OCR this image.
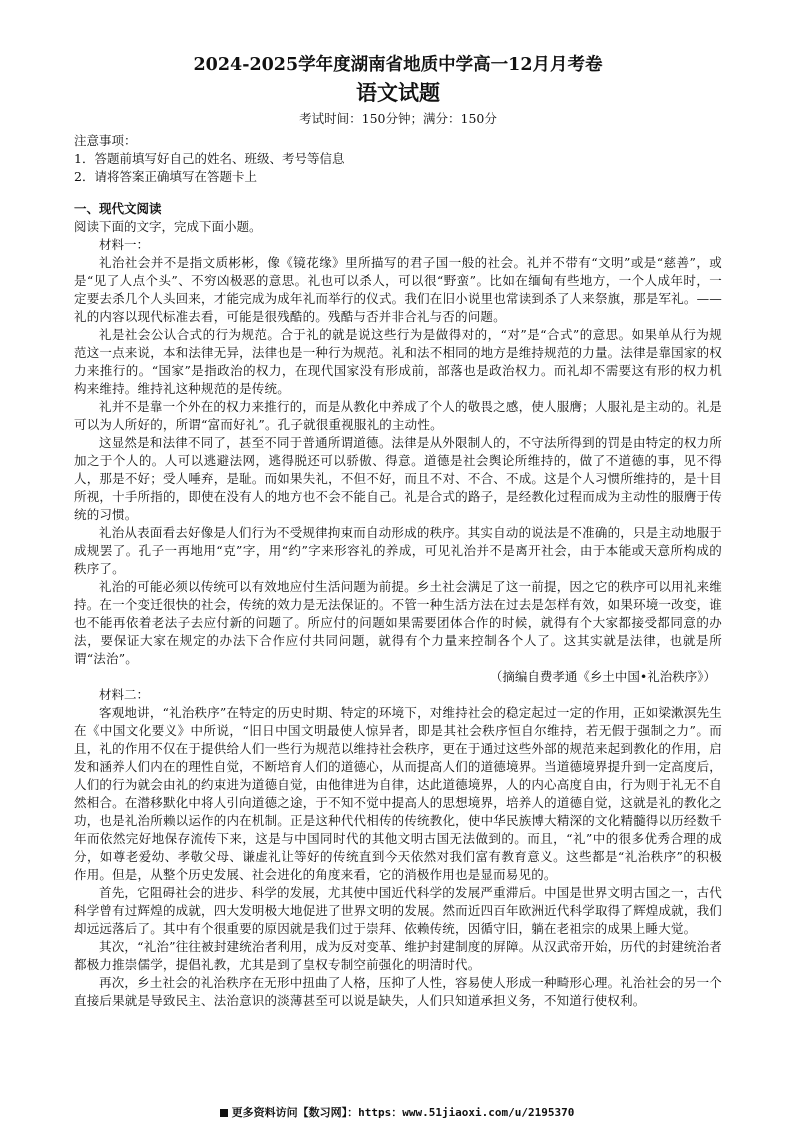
2024-2025学年度湖南省地质中学高一12月月考卷
语文试题
考试时间：150分钟；满分：150分
注意事项：
1．答题前填写好自己的姓名、班级、考号等信息
2．请将答案正确填写在答题卡上
一、现代文阅读
阅读下面的文字，完成下面小题。
材料一：

礼治社会并不是指文质彬彬，像《镜花缘》里所描写的君子国一般的社会。礼并不带有“文明”或是“慈善”，或是“见了人点个头”、不穷凶极恶的意思。礼也可以杀人，可以很“野蛮”。比如在缅甸有些地方，一个人成年时，一定要去杀几个人头回来，才能完成为成年礼而举行的仪式。我们在旧小说里也常读到杀了人来祭旗，那是军礼。——礼的内容以现代标准去看，可能是很残酷的。残酷与否并非合礼与否的问题。

礼是社会公认合式的行为规范。合于礼的就是说这些行为是做得对的，“对”是“合式”的意思。如果单从行为规范这一点来说，本和法律无异，法律也是一种行为规范。礼和法不相同的地方是维持规范的力量。法律是靠国家的权力来推行的。“国家”是指政治的权力，在现代国家没有形成前，部落也是政治权力。而礼却不需要这有形的权力机构来维持。维持礼这种规范的是传统。

礼并不是靠一个外在的权力来推行的，而是从教化中养成了个人的敬畏之感，使人服膺；人服礼是主动的。礼是可以为人所好的，所谓“富而好礼”。孔子就很重视服礼的主动性。

这显然是和法律不同了，甚至不同于普通所谓道德。法律是从外限制人的，不守法所得到的罚是由特定的权力所加之于个人的。人可以逃避法网，逃得脱还可以骄傲、得意。道德是社会舆论所维持的，做了不道德的事，见不得人，那是不好；受人唾弃，是耻。而如果失礼，不但不好，而且不对、不合、不成。这是个人习惯所维持的，是十目所视，十手所指的，即使在没有人的地方也不会不能自己。礼是合式的路子，是经教化过程而成为主动性的服膺于传统的习惯。

礼治从表面看去好像是人们行为不受规律拘束而自动形成的秩序。其实自动的说法是不准确的，只是主动地服于成规罢了。孔子一再地用“克”字，用“约”字来形容礼的养成，可见礼治并不是离开社会，由于本能或天意所构成的秩序了。

礼治的可能必须以传统可以有效地应付生活问题为前提。乡土社会满足了这一前提，因之它的秩序可以用礼来维持。在一个变迁很快的社会，传统的效力是无法保证的。不管一种生活方法在过去是怎样有效，如果环境一改变，谁也不能再依着老法子去应付新的问题了。所应付的问题如果需要团体合作的时候，就得有个大家都接受都同意的办法，要保证大家在规定的办法下合作应付共同问题，就得有个力量来控制各个人了。这其实就是法律，也就是所谓“法治”。

（摘编自费孝通《乡土中国•礼治秩序》）
材料二：

客观地讲，“礼治秩序”在特定的历史时期、特定的环境下，对维持社会的稳定起过一定的作用，正如梁漱溟先生在《中国文化要义》中所说，“旧日中国文明最使人惊异者，即是其社会秩序恒自尔维持，若无假于强制之力”。而且，礼的作用不仅在于提供给人们一些行为规范以维持社会秩序，更在于通过这些外部的规范来起到教化的作用，启发和涵养人们内在的理性自觉，不断培育人们的道德心，从而提高人们的道德境界。当道德境界提升到一定高度后，人们的行为就会由礼的约束进为道德自觉，由他律进为自律，达此道德境界，人的内心高度自由，行为则于礼无不自然相合。在潜移默化中将人引向道德之途，于不知不觉中提高人的思想境界，培养人的道德自觉，这就是礼的教化之功，也是礼治所赖以运作的内在机制。正是这种代代相传的传统教化，使中华民族博大精深的文化精髓得以历经数千年而依然完好地保存流传下来，这是与中国同时代的其他文明古国无法做到的。而且，“礼”中的很多优秀合理的成分，如尊老爱幼、孝敬父母、谦虚礼让等好的传统直到今天依然对我们富有教育意义。这些都是“礼治秩序”的积极作用。但是，从整个历史发展、社会进化的角度来看，它的消极作用也是显而易见的。

首先，它阻碍社会的进步、科学的发展，尤其使中国近代科学的发展严重滞后。中国是世界文明古国之一，古代科学曾有过辉煌的成就，四大发明极大地促进了世界文明的发展。然而近四百年欧洲近代科学取得了辉煌成就，我们却远远落后了。其中有个很重要的原因就是我们过于崇拜、依赖传统，因循守旧，躺在老祖宗的成果上睡大觉。

其次，“礼治”往往被封建统治者利用，成为反对变革、维护封建制度的屏障。从汉武帝开始，历代的封建统治者都极力推崇儒学，提倡礼教，尤其是到了皇权专制空前强化的明清时代。

再次，乡土社会的礼治秩序在无形中扭曲了人格，压抑了人性，容易使人形成一种畸形心理。礼治社会的另一个直接后果就是导致民主、法治意识的淡薄甚至可以说是缺失，人们只知道承担义务，不知道行使权利。

更多资料访问【数习网】：https：www.51jiaoxi.com/u/2195370
